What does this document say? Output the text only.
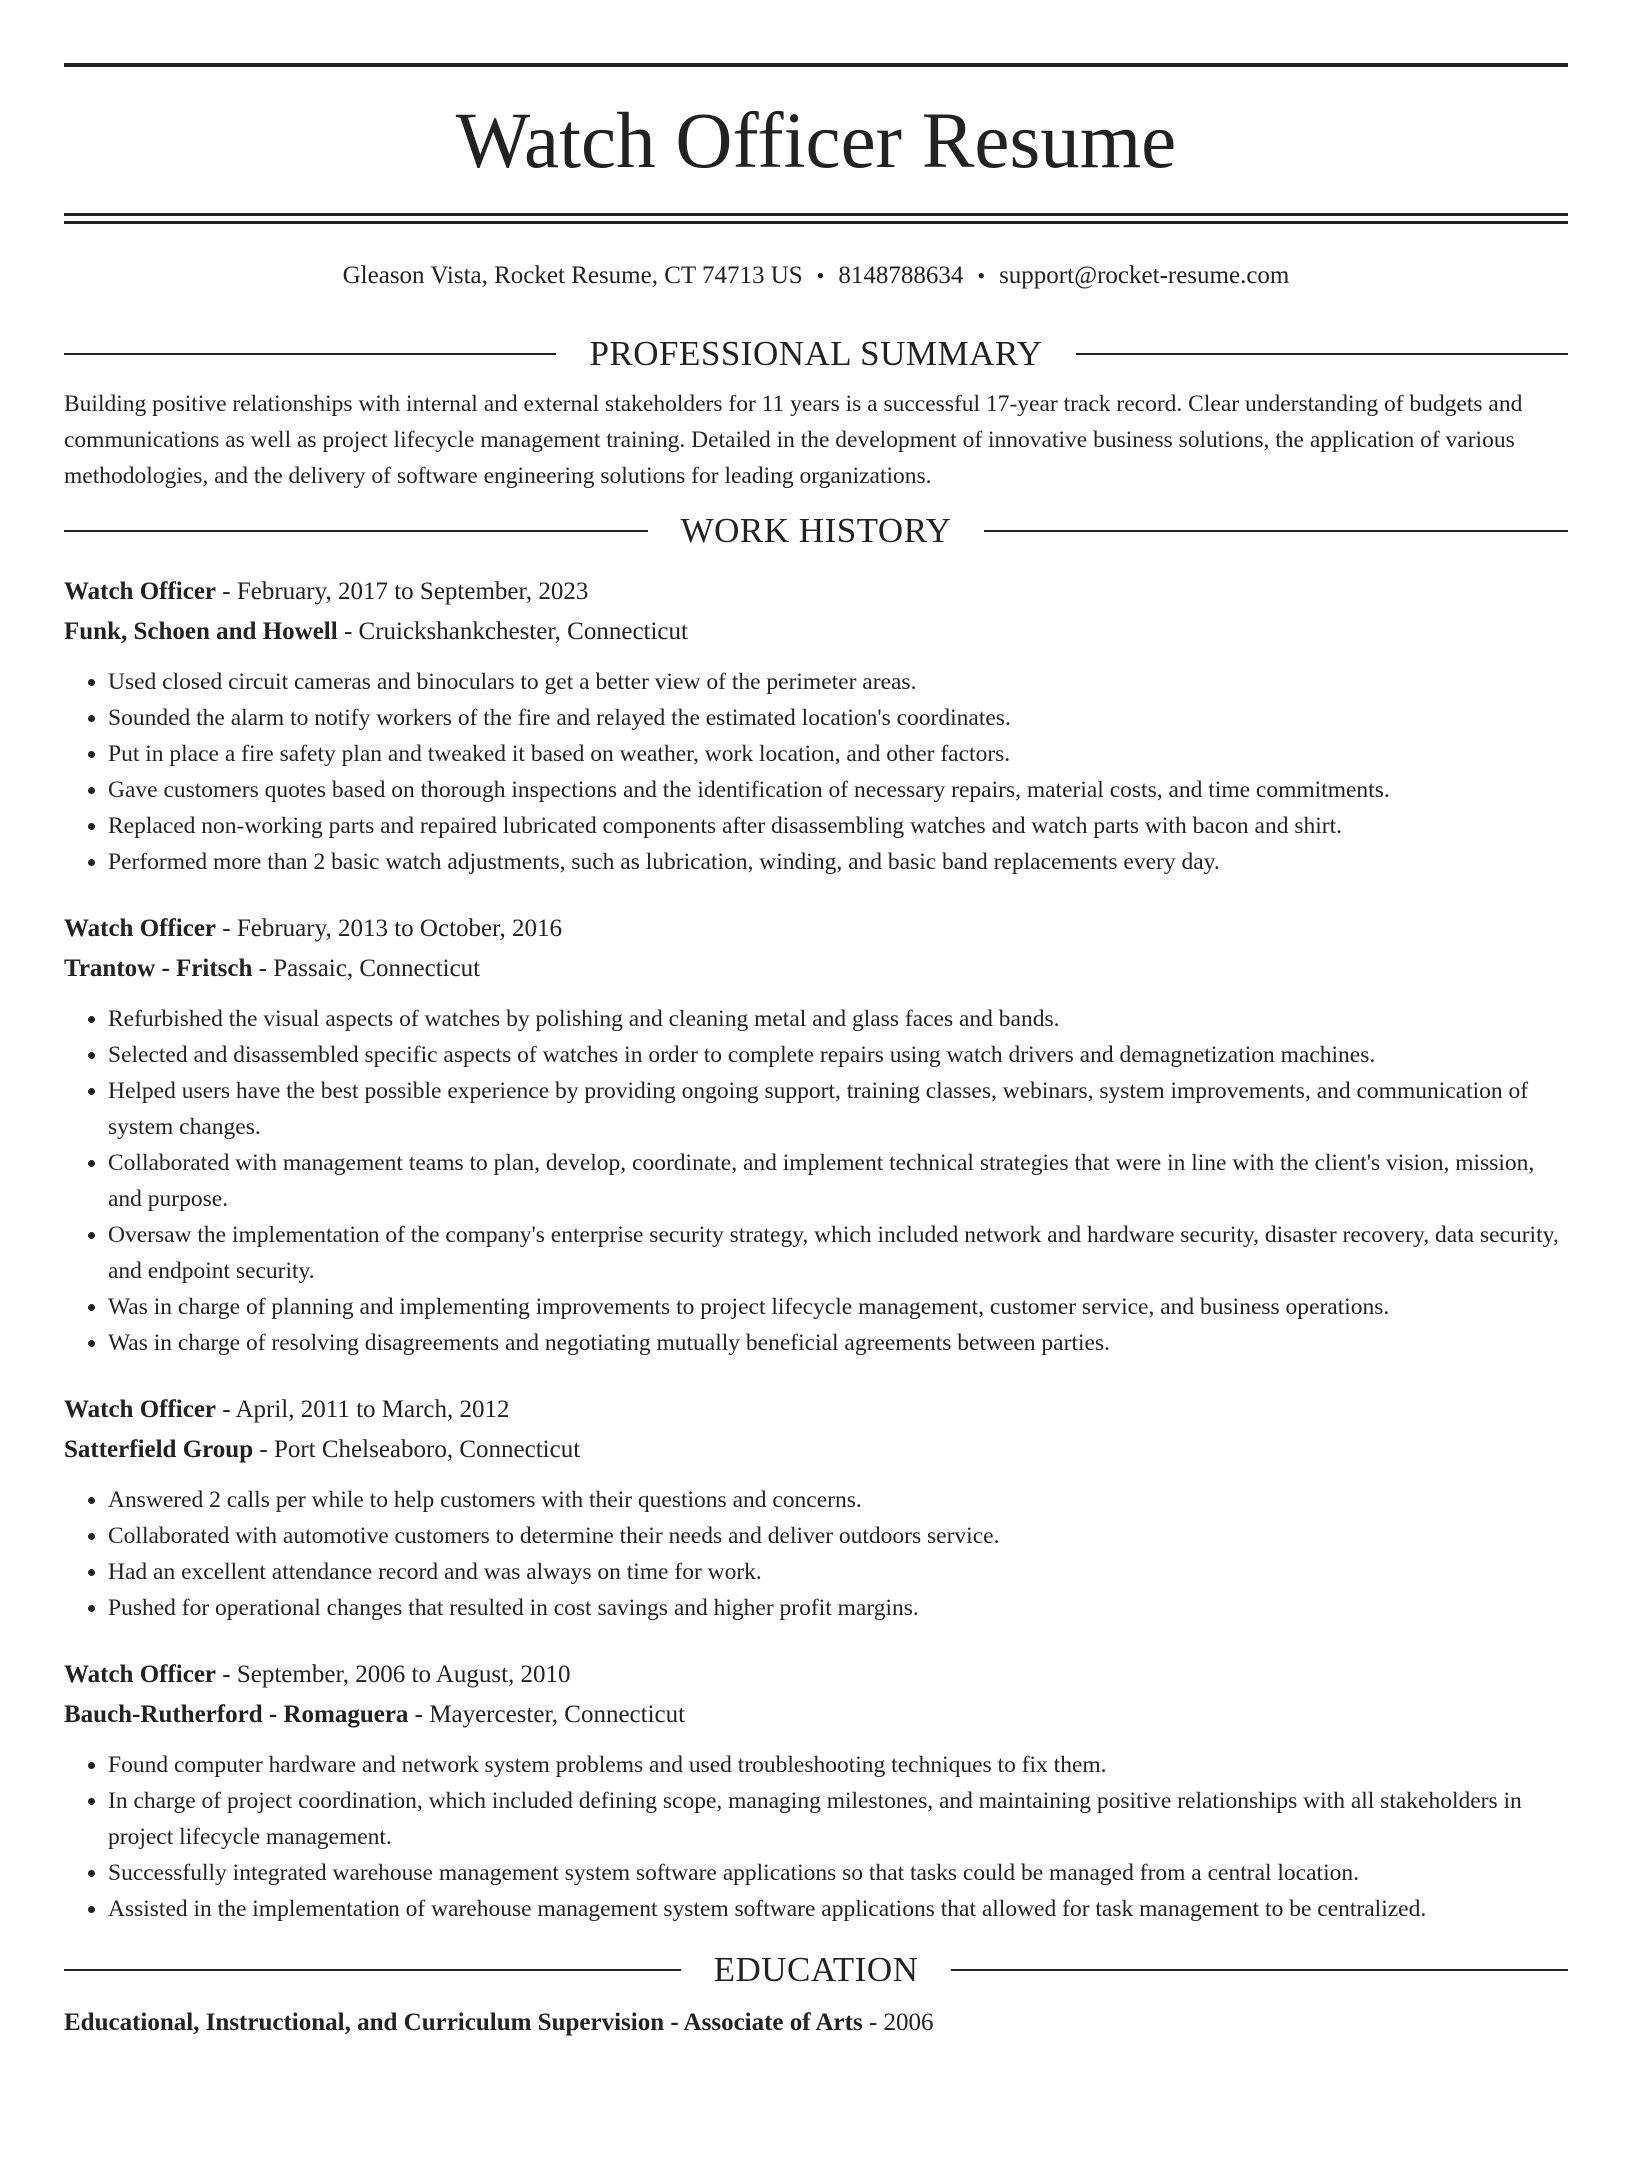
Watch Officer Resume
Gleason Vista, Rocket Resume, CT 74713 US • 8148788634 • support@rocket-resume.com
PROFESSIONAL SUMMARY
Building positive relationships with internal and external stakeholders for 11 years is a successful 17-year track record. Clear understanding of budgets and communications as well as project lifecycle management training. Detailed in the development of innovative business solutions, the application of various methodologies, and the delivery of software engineering solutions for leading organizations.
WORK HISTORY
Watch Officer - February, 2017 to September, 2023
Funk, Schoen and Howell - Cruickshankchester, Connecticut
• Used closed circuit cameras and binoculars to get a better view of the perimeter areas.
• Sounded the alarm to notify workers of the fire and relayed the estimated location's coordinates.
• Put in place a fire safety plan and tweaked it based on weather, work location, and other factors.
• Gave customers quotes based on thorough inspections and the identification of necessary repairs, material costs, and time commitments.
• Replaced non-working parts and repaired lubricated components after disassembling watches and watch parts with bacon and shirt.
• Performed more than 2 basic watch adjustments, such as lubrication, winding, and basic band replacements every day.
Watch Officer - February, 2013 to October, 2016
Trantow - Fritsch - Passaic, Connecticut
• Refurbished the visual aspects of watches by polishing and cleaning metal and glass faces and bands.
• Selected and disassembled specific aspects of watches in order to complete repairs using watch drivers and demagnetization machines.
• Helped users have the best possible experience by providing ongoing support, training classes, webinars, system improvements, and communication of system changes.
• Collaborated with management teams to plan, develop, coordinate, and implement technical strategies that were in line with the client's vision, mission, and purpose.
• Oversaw the implementation of the company's enterprise security strategy, which included network and hardware security, disaster recovery, data security, and endpoint security.
• Was in charge of planning and implementing improvements to project lifecycle management, customer service, and business operations.
• Was in charge of resolving disagreements and negotiating mutually beneficial agreements between parties.
Watch Officer - April, 2011 to March, 2012
Satterfield Group - Port Chelseaboro, Connecticut
• Answered 2 calls per while to help customers with their questions and concerns.
• Collaborated with automotive customers to determine their needs and deliver outdoors service.
• Had an excellent attendance record and was always on time for work.
• Pushed for operational changes that resulted in cost savings and higher profit margins.
Watch Officer - September, 2006 to August, 2010
Bauch-Rutherford - Romaguera - Mayercester, Connecticut
• Found computer hardware and network system problems and used troubleshooting techniques to fix them.
• In charge of project coordination, which included defining scope, managing milestones, and maintaining positive relationships with all stakeholders in project lifecycle management.
• Successfully integrated warehouse management system software applications so that tasks could be managed from a central location.
• Assisted in the implementation of warehouse management system software applications that allowed for task management to be centralized.
EDUCATION
Educational, Instructional, and Curriculum Supervision - Associate of Arts - 2006
